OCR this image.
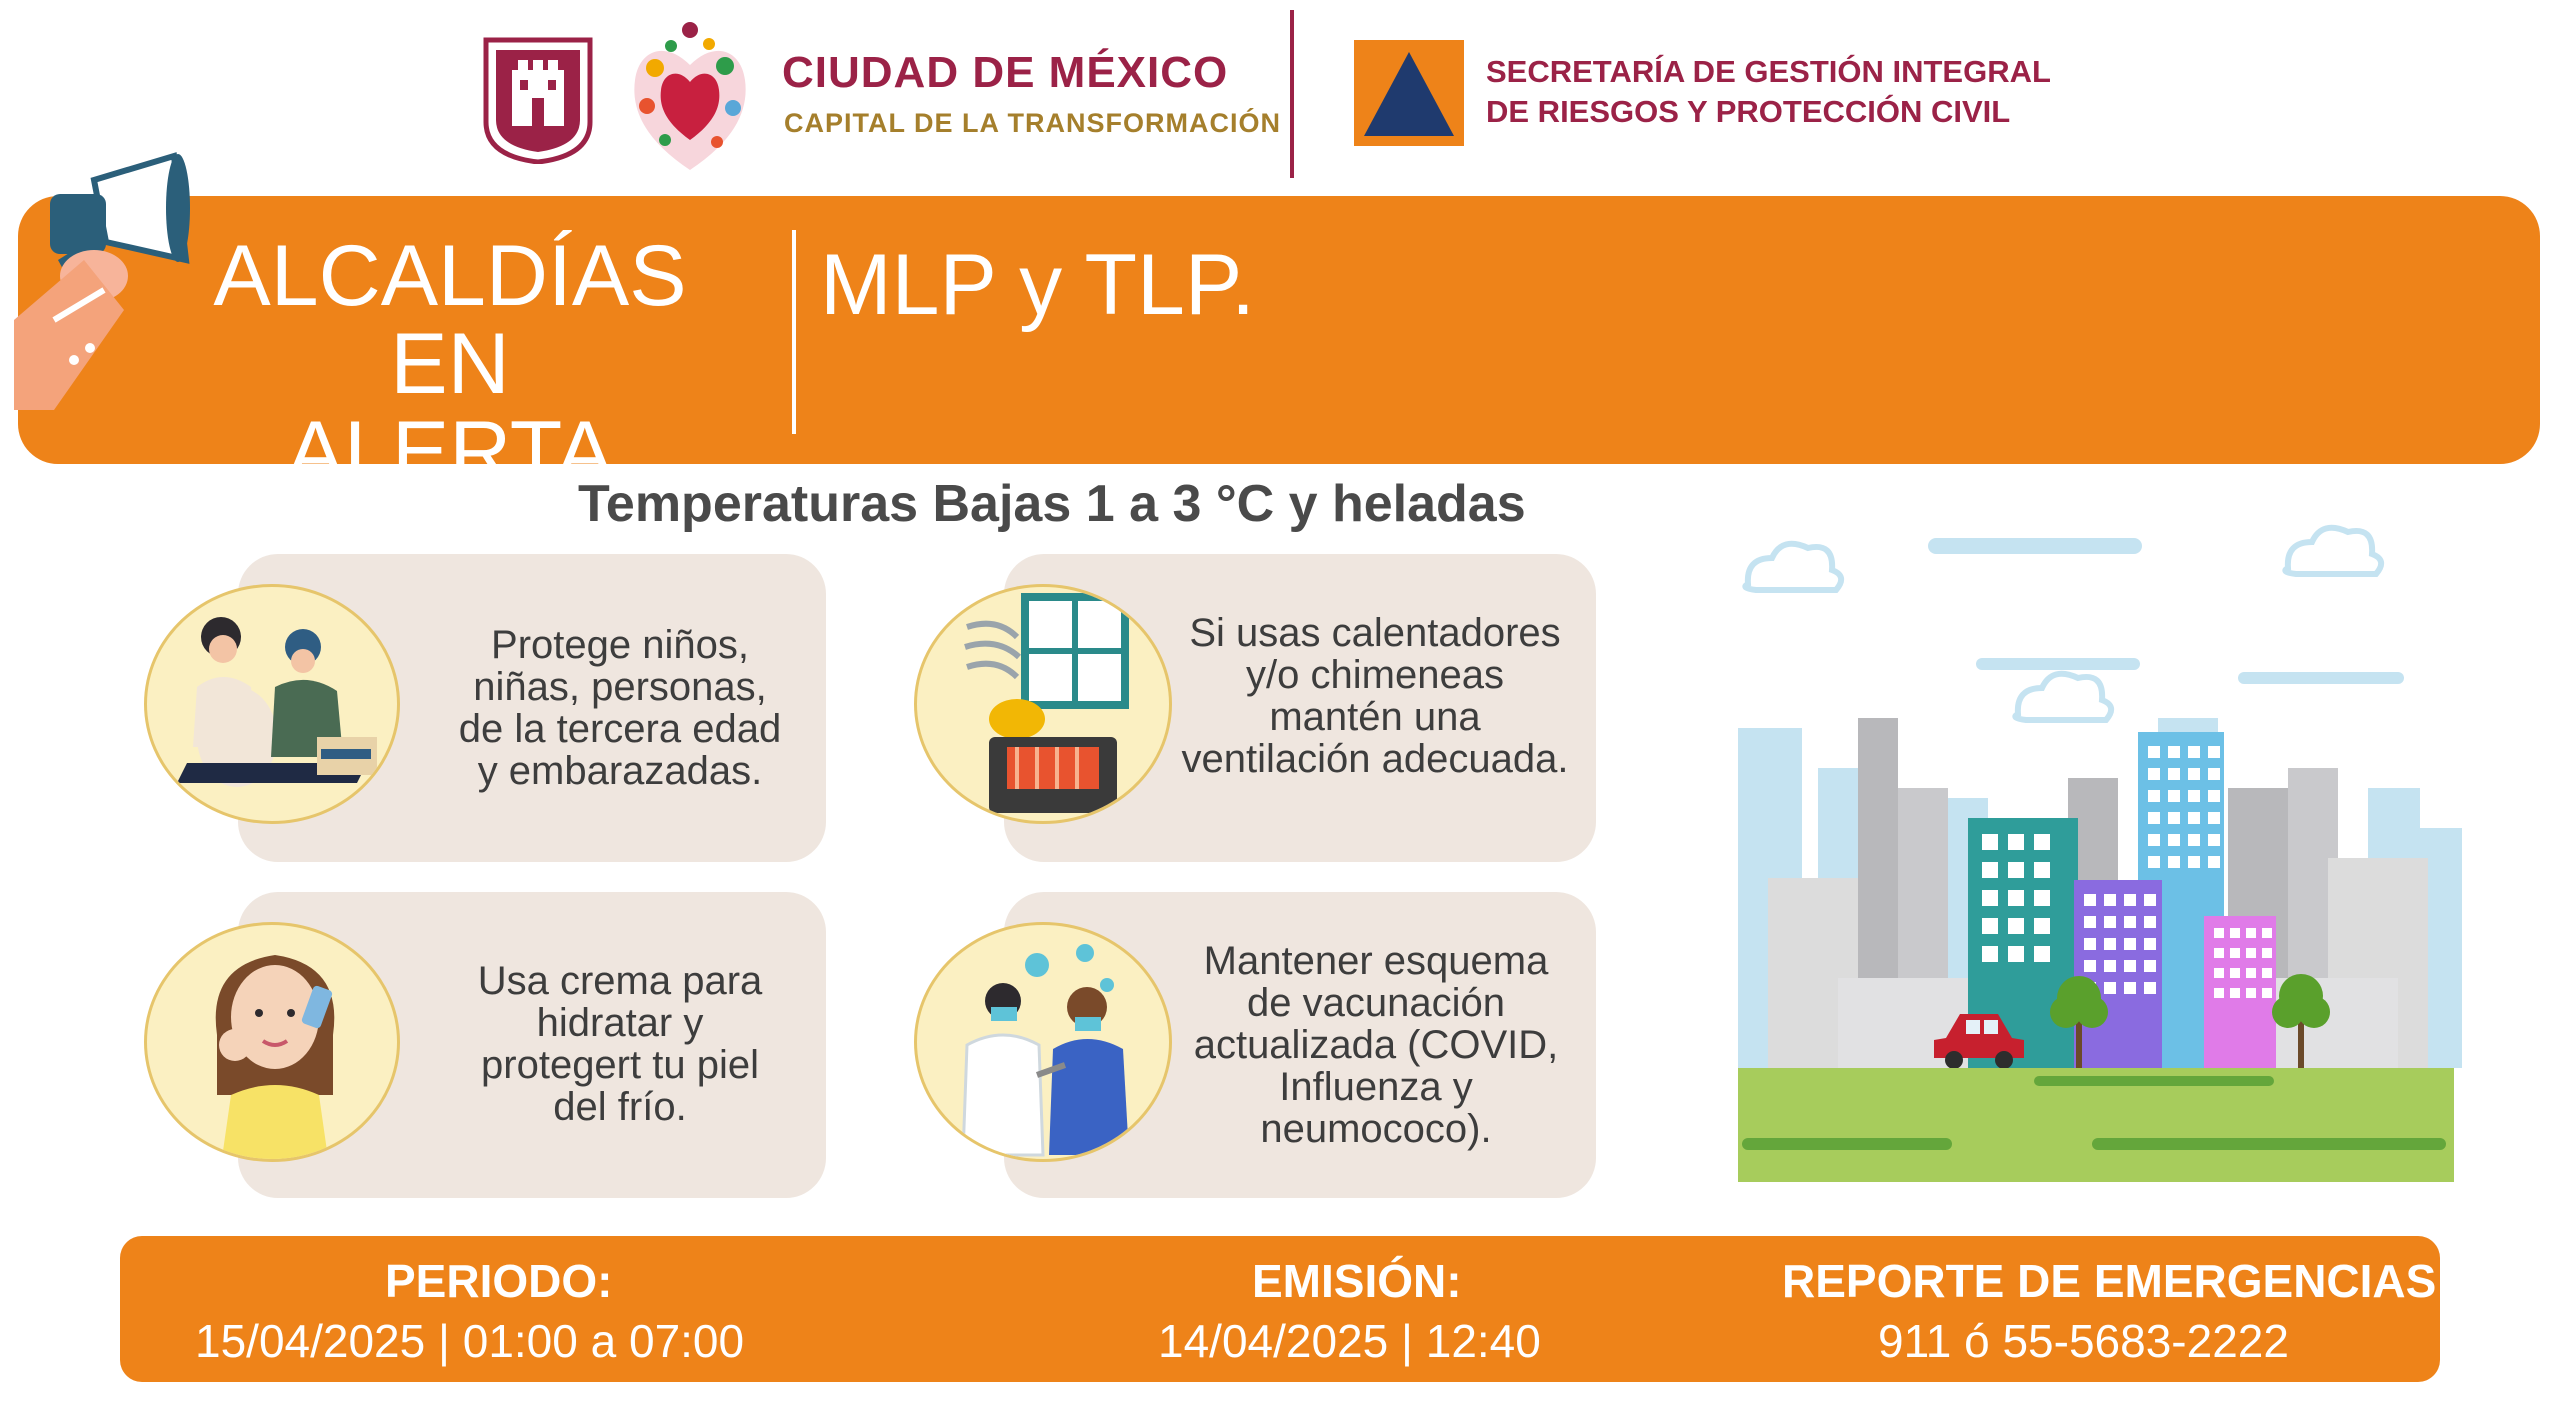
CIUDAD DE MÉXICO
CAPITAL DE LA TRANSFORMACIÓN
SECRETARÍA DE GESTIÓN INTEGRAL
DE RIESGOS Y PROTECCIÓN CIVIL
ALCALDÍAS EN
ALERTA
MLP y TLP.
Temperaturas Bajas 1 a 3 °C y heladas
Protege niños,
niñas, personas,
de la tercera edad
y embarazadas.
Si usas calentadores
y/o chimeneas
mantén una
ventilación adecuada.
Usa crema para
hidratar y
protegert tu piel
del frío.
Mantener esquema
de vacunación
actualizada (COVID,
Influenza y
neumococo).
PERIODO:
15/04/2025 | 01:00 a 07:00
EMISIÓN:
14/04/2025 | 12:40
REPORTE DE EMERGENCIAS:
911 ó 55-5683-2222
